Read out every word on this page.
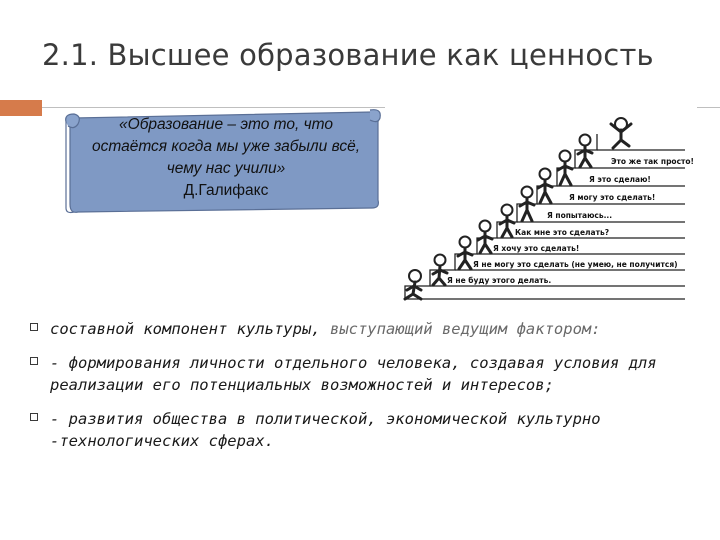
2.1. Высшее образование как ценность
Это же так просто!
Я это сделаю!
Я могу это сделать!
Я попытаюсь...
Как мне это сделать?
Я хочу это сделать!
Я не могу это сделать (не умею, не получится)
Я не буду этого делать.
«Образование – это то, что остаётся когда мы уже забыли всё, чему нас учили»
Д.Галифакс
составной компонент культуры, выступающий ведущим фактором:
- формирования личности отдельного человека, создавая условия для реализации его потенциальных возможностей и интересов;
- развития общества в политической, экономической культурно -технологических сферах.
